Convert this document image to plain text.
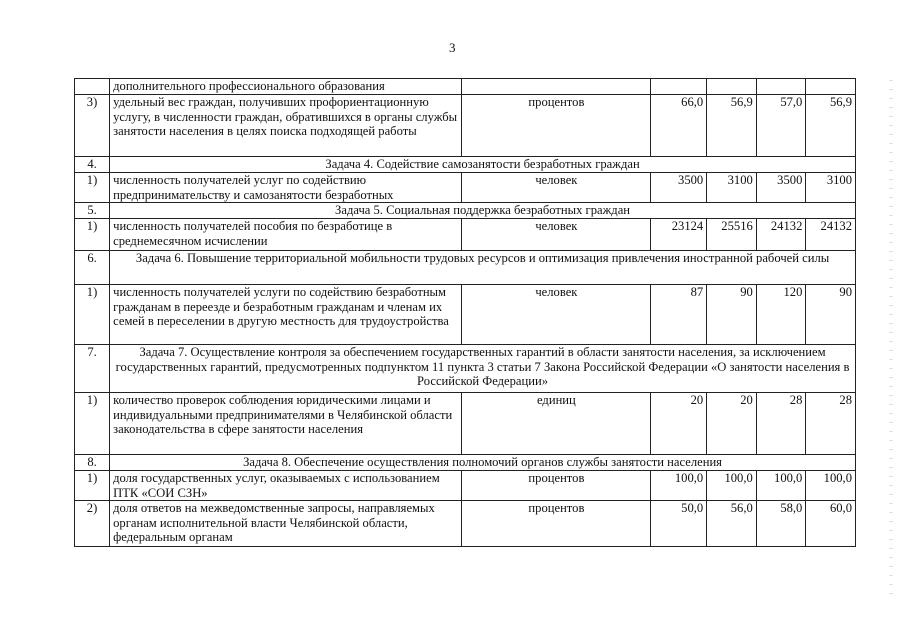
3
	дополнительного профессионального образования					
3)	удельный вес граждан, получивших профориентационную услугу, в численности граждан, обратившихся в органы службы занятости населения в целях поиска подходящей работы	процентов	66,0	56,9	57,0	56,9
4.	Задача 4. Содействие самозанятости безработных граждан					
1)	численность получателей услуг по содействию предпринимательству и самозанятости безработных	человек	3500	3100	3500	3100
5.	Задача 5. Социальная поддержка безработных граждан					
1)	численность получателей пособия по безработице в среднемесячном исчислении	человек	23124	25516	24132	24132
6.	Задача 6. Повышение территориальной мобильности трудовых ресурсов и оптимизация привлечения иностранной рабочей силы					
1)	численность получателей услуги по содействию безработным гражданам в переезде и безработным гражданам и членам их семей в переселении в другую местность для трудоустройства	человек	87	90	120	90
7.	Задача 7. Осуществление контроля за обеспечением государственных гарантий в области занятости населения, за исключением государственных гарантий, предусмотренных подпунктом 11 пункта 3 статьи 7 Закона Российской Федерации «О занятости населения в Российской Федерации»					
1)	количество проверок соблюдения юридическими лицами и индивидуальными предпринимателями в Челябинской области законодательства в сфере занятости населения	единиц	20	20	28	28
8.	Задача 8. Обеспечение осуществления полномочий органов службы занятости населения					
1)	доля государственных услуг, оказываемых с использованием ПТК «СОИ СЗН»	процентов	100,0	100,0	100,0	100,0
2)	доля ответов на межведомственные запросы, направляемых органам исполнительной власти Челябинской области, федеральным органам	процентов	50,0	56,0	58,0	60,0
